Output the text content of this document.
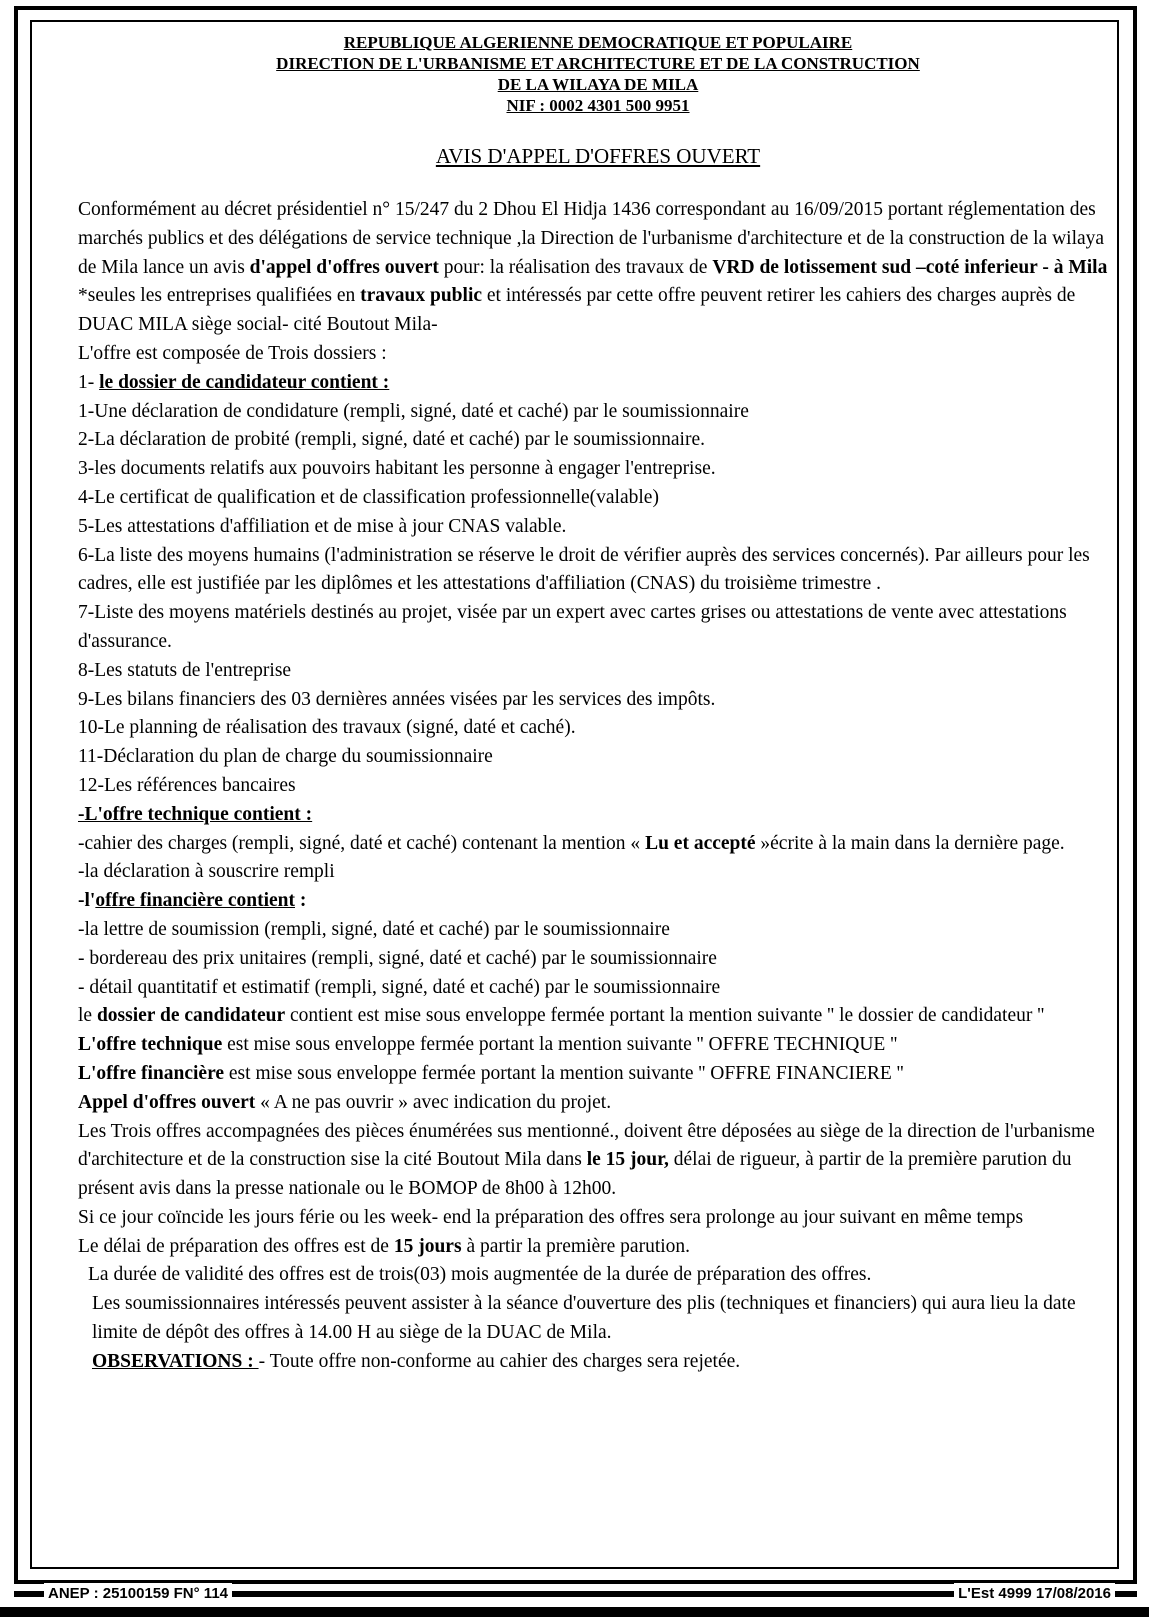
REPUBLIQUE ALGERIENNE DEMOCRATIQUE ET POPULAIRE
DIRECTION DE L'URBANISME ET ARCHITECTURE ET DE LA CONSTRUCTION
DE LA WILAYA DE MILA
NIF : 0002 4301 500 9951
AVIS D'APPEL D'OFFRES OUVERT

Conformément au décret présidentiel n° 15/247 du 2 Dhou El Hidja 1436 correspondant au 16/09/2015 portant réglementation des marchés publics et des délégations de service technique ,la Direction de l'urbanisme d'architecture et de la construction de la wilaya de Mila lance un avis d'appel d'offres ouvert pour: la réalisation des travaux de VRD de lotissement sud –coté inferieur - à Mila

*seules les entreprises qualifiées en travaux public et intéressés par cette offre peuvent retirer les cahiers des charges auprès de DUAC MILA siège social- cité Boutout Mila-

L'offre est composée de Trois dossiers :

1- le dossier de candidateur contient :

1-Une déclaration de condidature (rempli, signé, daté et caché) par le soumissionnaire

2-La déclaration de probité (rempli, signé, daté et caché) par le soumissionnaire.

3-les documents relatifs aux pouvoirs habitant les personne à engager l'entreprise.

4-Le certificat de qualification et de classification professionnelle(valable)

5-Les attestations d'affiliation et de mise à jour CNAS valable.

6-La liste des moyens humains (l'administration se réserve le droit de vérifier auprès des services concernés). Par ailleurs pour les cadres, elle est justifiée par les diplômes et les attestations d'affiliation (CNAS) du troisième trimestre .

7-Liste des moyens matériels destinés au projet, visée par un expert avec cartes grises ou attestations de vente avec attestations d'assurance.

8-Les statuts de l'entreprise

9-Les bilans financiers des 03 dernières années visées par les services des impôts.

10-Le planning de réalisation des travaux (signé, daté et caché).

11-Déclaration du plan de charge du soumissionnaire

12-Les références bancaires

-L'offre technique contient :

-cahier des charges (rempli, signé, daté et caché) contenant la mention « Lu et accepté »écrite à la main dans la dernière page.

-la déclaration à souscrire rempli

-l'offre financière contient :

-la lettre de soumission (rempli, signé, daté et caché) par le soumissionnaire

- bordereau des prix unitaires (rempli, signé, daté et caché) par le soumissionnaire

- détail quantitatif et estimatif (rempli, signé, daté et caché) par le soumissionnaire

le dossier de candidateur contient est mise sous enveloppe fermée portant la mention suivante '' le dossier de candidateur ''

L'offre technique est mise sous enveloppe fermée portant la mention suivante '' OFFRE TECHNIQUE ''

L'offre financière est mise sous enveloppe fermée portant la mention suivante '' OFFRE FINANCIERE ''

Appel d'offres ouvert « A ne pas ouvrir » avec indication du projet.

Les Trois offres accompagnées des pièces énumérées sus mentionné., doivent être déposées au siège de la direction de l'urbanisme d'architecture et de la construction sise la cité Boutout Mila dans le 15 jour, délai de rigueur, à partir de la première parution du présent avis dans la presse nationale ou le BOMOP de 8h00 à 12h00.

Si ce jour coïncide les jours férie ou les week- end la préparation des offres sera prolonge au jour suivant en même temps

Le délai de préparation des offres est de 15 jours à partir la première parution.

La durée de validité des offres est de trois(03) mois augmentée de la durée de préparation des offres.

Les soumissionnaires intéressés peuvent assister à la séance d'ouverture des plis (techniques et financiers) qui aura lieu la date limite de dépôt des offres à 14.00 H au siège de la DUAC de Mila.

OBSERVATIONS : - Toute offre non-conforme au cahier des charges sera rejetée.

ANEP : 25100159 FN° 114	L'Est 4999 17/08/2016
